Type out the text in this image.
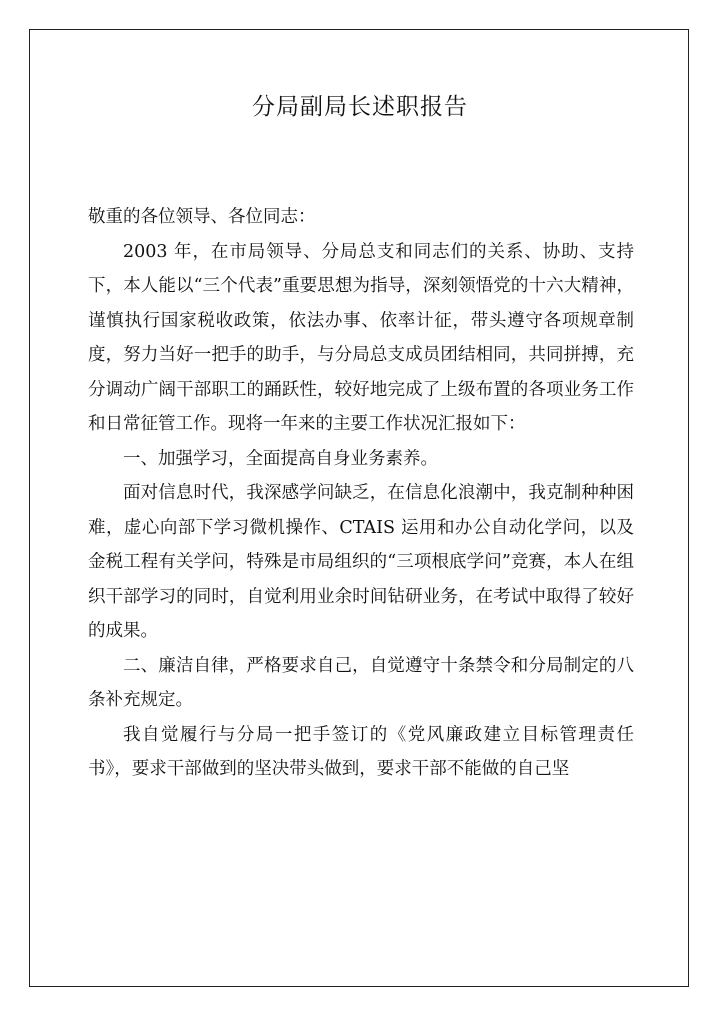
分局副局长述职报告

敬重的各位领导、各位同志：

2003 年，在市局领导、分局总支和同志们的关系、协助、支持下，本人能以“三个代表”重要思想为指导，深刻领悟党的十六大精神，谨慎执行国家税收政策，依法办事、依率计征，带头遵守各项规章制度，努力当好一把手的助手，与分局总支成员团结相同，共同拼搏，充分调动广阔干部职工的踊跃性，较好地完成了上级布置的各项业务工作和日常征管工作。现将一年来的主要工作状况汇报如下：

一、加强学习，全面提高自身业务素养。

面对信息时代，我深感学问缺乏，在信息化浪潮中，我克制种种困难，虚心向部下学习微机操作、CTAIS 运用和办公自动化学问，以及金税工程有关学问，特殊是市局组织的“三项根底学问”竞赛，本人在组织干部学习的同时，自觉利用业余时间钻研业务，在考试中取得了较好的成果。

二、廉洁自律，严格要求自己，自觉遵守十条禁令和分局制定的八条补充规定。

我自觉履行与分局一把手签订的《党风廉政建立目标管理责任书》，要求干部做到的坚决带头做到，要求干部不能做的自己坚
